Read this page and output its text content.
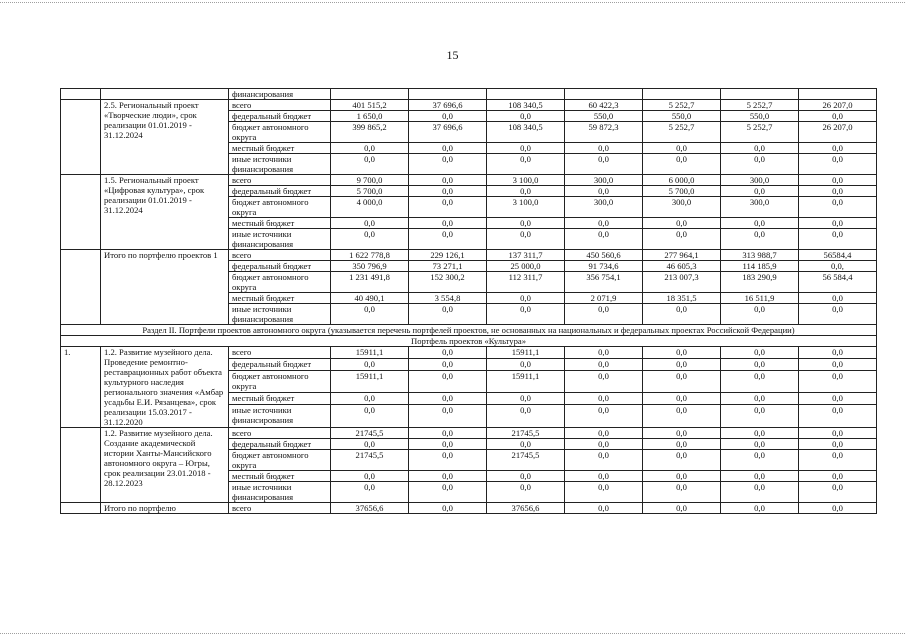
15
		финансирования							
	2.5. Региональный проект «Творческие люди», срок реализации 01.01.2019 - 31.12.2024	всего	401 515,2	37 696,6	108 340,5	60 422,3	5 252,7	5 252,7	26 207,0
		федеральный бюджет	1 650,0	0,0	0,0	550,0	550,0	550,0	0,0
		бюджет автономного округа	399 865,2	37 696,6	108 340,5	59 872,3	5 252,7	5 252,7	26 207,0
		местный бюджет	0,0	0,0	0,0	0,0	0,0	0,0	0,0
		иные источники финансирования	0,0	0,0	0,0	0,0	0,0	0,0	0,0
	1.5. Региональный проект «Цифровая культура», срок реализации 01.01.2019 - 31.12.2024	всего	9 700,0	0,0	3 100,0	300,0	6 000,0	300,0	0,0
		федеральный бюджет	5 700,0	0,0	0,0	0,0	5 700,0	0,0	0,0
		бюджет автономного округа	4 000,0	0,0	3 100,0	300,0	300,0	300,0	0,0
		местный бюджет	0,0	0,0	0,0	0,0	0,0	0,0	0,0
		иные источники финансирования	0,0	0,0	0,0	0,0	0,0	0,0	0,0
	Итого по портфелю проектов 1	всего	1 622 778,8	229 126,1	137 311,7	450 560,6	277 964,1	313 988,7	56584,4
		федеральный бюджет	350 796,9	73 271,1	25 000,0	91 734,6	46 605,3	114 185,9	0,0,
		бюджет автономного округа	1 231 491,8	152 300,2	112 311,7	356 754,1	213 007,3	183 290,9	56 584,4
		местный бюджет	40 490,1	3 554,8	0,0	2 071,9	18 351,5	16 511,9	0,0
		иные источники финансирования	0,0	0,0	0,0	0,0	0,0	0,0	0,0
Раздел II. Портфели проектов автономного округа (указывается перечень портфелей проектов, не основанных на национальных и федеральных проектах Российской Федерации)									
Портфель проектов «Культура»									
1.	1.2. Развитие музейного дела. Проведение ремонтно-реставрационных работ объекта культурного наследия регионального значения «Амбар усадьбы Е.И. Рязанцева», срок реализации 15.03.2017 - 31.12.2020	всего	15911,1	0,0	15911,1	0,0	0,0	0,0	0,0
		федеральный бюджет	0,0	0,0	0,0	0,0	0,0	0,0	0,0
		бюджет автономного округа	15911,1	0,0	15911,1	0,0	0,0	0,0	0,0
		местный бюджет	0,0	0,0	0,0	0,0	0,0	0,0	0,0
		иные источники финансирования	0,0	0,0	0,0	0,0	0,0	0,0	0,0
	1.2. Развитие музейного дела. Создание академической истории Ханты-Мансийского автономного округа – Югры, срок реализации 23.01.2018 - 28.12.2023	всего	21745,5	0,0	21745,5	0,0	0,0	0,0	0,0
		федеральный бюджет	0,0	0,0	0,0	0,0	0,0	0,0	0,0
		бюджет автономного округа	21745,5	0,0	21745,5	0,0	0,0	0,0	0,0
		местный бюджет	0,0	0,0	0,0	0,0	0,0	0,0	0,0
		иные источники финансирования	0,0	0,0	0,0	0,0	0,0	0,0	0,0
	Итого по портфелю	всего	37656,6	0,0	37656,6	0,0	0,0	0,0	0,0
